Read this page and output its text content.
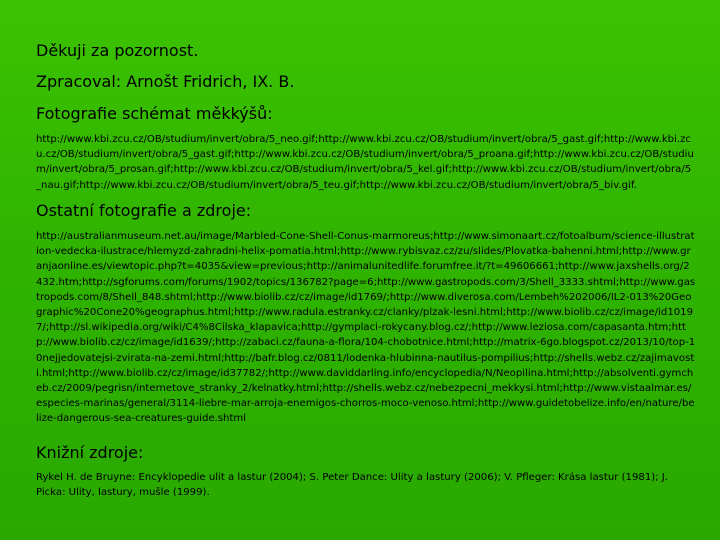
Děkuji za pozornost.
Zpracoval: Arnošt Fridrich, IX. B.
Fotografie schémat měkkýšů:
http://www.kbi.zcu.cz/OB/studium/invert/obra/5_neo.gif;http://www.kbi.zcu.cz/OB/studium/invert/obra/5_gast.gif;http://www.kbi.zcu.cz/OB/studium/invert/obra/5_gast.gif;http://www.kbi.zcu.cz/OB/studium/invert/obra/5_proana.gif;http://www.kbi.zcu.cz/OB/studium/invert/obra/5_prosan.gif;http://www.kbi.zcu.cz/OB/studium/invert/obra/5_kel.gif;http://www.kbi.zcu.cz/OB/studium/invert/obra/5_nau.gif;http://www.kbi.zcu.cz/OB/studium/invert/obra/5_teu.gif;http://www.kbi.zcu.cz/OB/studium/invert/obra/5_biv.gif.
Ostatní fotografie a zdroje:
http://australianmuseum.net.au/image/Marbled-Cone-Shell-Conus-marmoreus;http://www.simonaart.cz/fotoalbum/science-illustration-vedecka-ilustrace/hlemyzd-zahradni-helix-pomatia.html;http://www.rybisvaz.cz/zu/slides/Plovatka-bahenni.html;http://www.granjaonline.es/viewtopic.php?t=4035&view=previous;http://animalunitedlife.forumfree.it/?t=49606661;http://www.jaxshells.org/2432.htm;http://sgforums.com/forums/1902/topics/136782?page=6;http://www.gastropods.com/3/Shell_3333.shtml;http://www.gastropods.com/8/Shell_848.shtml;http://www.biolib.cz/cz/image/id1769/;http://www.diverosa.com/Lembeh%202006/IL2-013%20Geographic%20Cone20%geographus.html;http://www.radula.estranky.cz/clanky/plzak-lesni.html;http://www.biolib.cz/cz/image/id10197/;http://sl.wikipedia.org/wiki/C4%8Cilska_klapavica;http://gymplaci-rokycany.blog.cz/;http://www.leziosa.com/capasanta.htm;http://www.biolib.cz/cz/image/id1639/;http://zabaci.cz/fauna-a-flora/104-chobotnice.html;http://matrix-6go.blogspot.cz/2013/10/top-10nejjedovatejsi-zvirata-na-zemi.html;http://bafr.blog.cz/0811/lodenka-hlubinna-nautilus-pompilius;http://shells.webz.cz/zajimavosti.html;http://www.biolib.cz/cz/image/id37782/;http://www.daviddarling.info/encyclopedia/N/Neopilina.html;http://absolventi.gymcheb.cz/2009/pegrisn/internetove_stranky_2/kelnatky.html;http://shells.webz.cz/nebezpecni_mekkysi.html;http://www.vistaalmar.es/especies-marinas/general/3114-liebre-mar-arroja-enemigos-chorros-moco-venoso.html;http://www.guidetobelize.info/en/nature/belize-dangerous-sea-creatures-guide.shtml
Knižní zdroje:
Rykel H. de Bruyne: Encyklopedie ulit a lastur (2004); S. Peter Dance: Ulity a lastury (2006); V. Pfleger: Krása lastur (1981); J. Picka: Ulity, lastury, mušle (1999).
